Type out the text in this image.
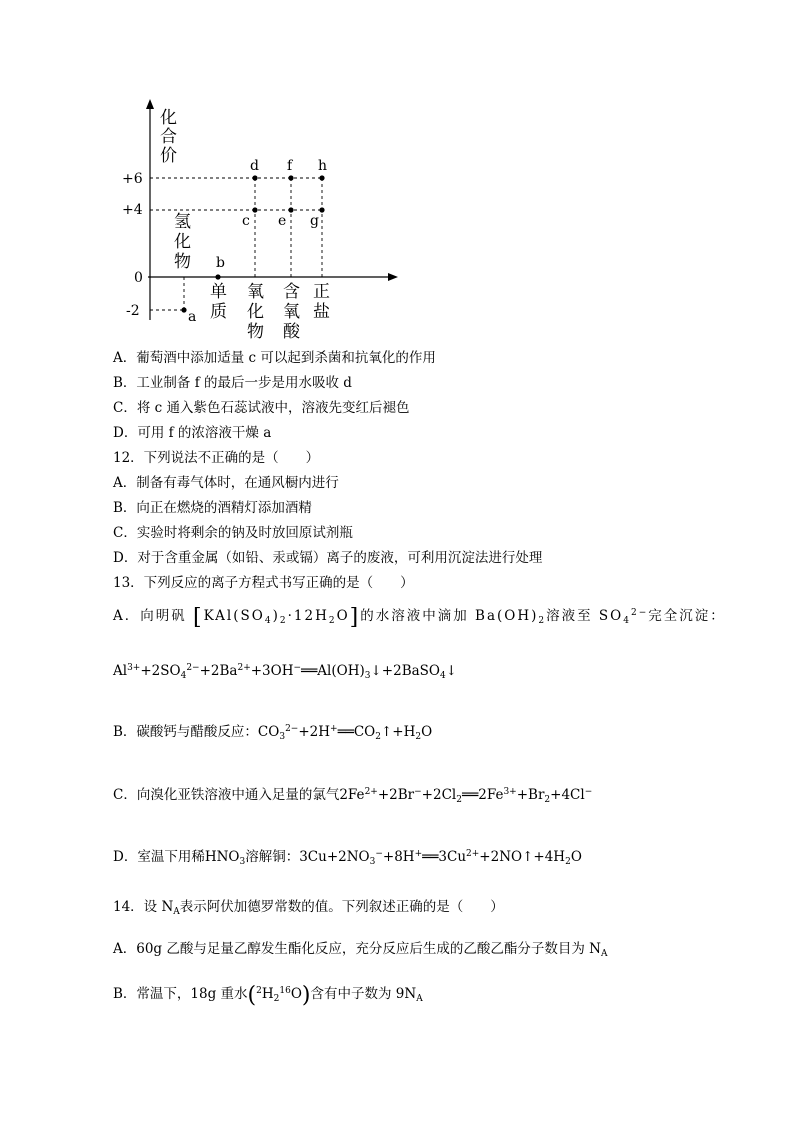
化
合
价
+6
+4
0
-2	a
b
c
d
e
f
g
h
氢
化
物
单
质
氧
化
物
含
氧
酸
正
盐
A．葡萄酒中添加适量 c 可以起到杀菌和抗氧化的作用
B．工业制备 f 的最后一步是用水吸收 d
C．将 c 通入紫色石蕊试液中，溶液先变红后褪色
D．可用 f 的浓溶液干燥 a
12．下列说法不正确的是（　　）
A．制备有毒气体时，在通风橱内进行
B．向正在燃烧的酒精灯添加酒精
C．实验时将剩余的钠及时放回原试剂瓶
D．对于含重金属（如铅、汞或镉）离子的废液，可利用沉淀法进行处理
13．下列反应的离子方程式书写正确的是（　　）
A．向明矾 $[KAl(SO_4)_2\cdot 12H_2O]$的水溶液中滴加 $Ba(OH)_2$溶液至 $SO_4^{2-}$完全沉淀：
$Al^{3+}+2SO_4^{2-}+2Ba^{2+}+3OH^-══Al(OH)_3↓+2BaSO_4↓$
B．碳酸钙与醋酸反应：$CO_3^{2-}+2H^+══CO_2↑+H_2O$
C．向溴化亚铁溶液中通入足量的氯气$2Fe^{2+}+2Br^-+2Cl_2══2Fe^{3+}+Br_2+4Cl^-$
D．室温下用稀$HNO_3$溶解铜：$3Cu+2NO_3^-+8H^+══3Cu^{2+}+2NO↑+4H_2O$
14．设 $N_A$表示阿伏加德罗常数的值。下列叙述正确的是（　　）
A．60g 乙酸与足量乙醇发生酯化反应，充分反应后生成的乙酸乙酯分子数目为 $N_A$
B．常温下，18g 重水$(^2H_2^{16}O)$含有中子数为 $9N_A$
